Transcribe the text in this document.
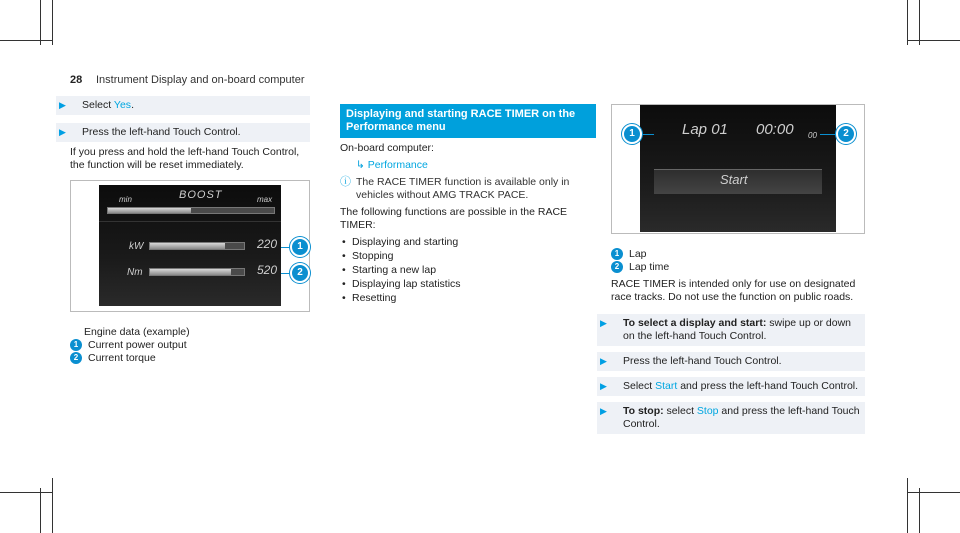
28 Instrument Display and on-board computer
▶	Select Yes.
▶	Press the left-hand Touch Control.
If you press and hold the left-hand Touch Control, the function will be reset immediately.
min	BOOST	max
kW	220
Nm	520
1
2
Engine data (example)
1 Current power output
2 Current torque
Displaying and starting RACE TIMER on the Performance menu
On-board computer:
↳ Performance
ⓘ The RACE TIMER function is available only in vehicles without AMG TRACK PACE.
The following functions are possible in the RACE TIMER:
• Displaying and starting
• Stopping
• Starting a new lap
• Displaying lap statistics
• Resetting
Lap 01 00:00 00
Start
1	2
1 Lap
2 Lap time
RACE TIMER is intended only for use on designated race tracks. Do not use the function on public roads.
▶	To select a display and start: swipe up or down on the left-hand Touch Control.
▶	Press the left-hand Touch Control.
▶	Select Start and press the left-hand Touch Control.
▶	To stop: select Stop and press the left-hand Touch Control.
